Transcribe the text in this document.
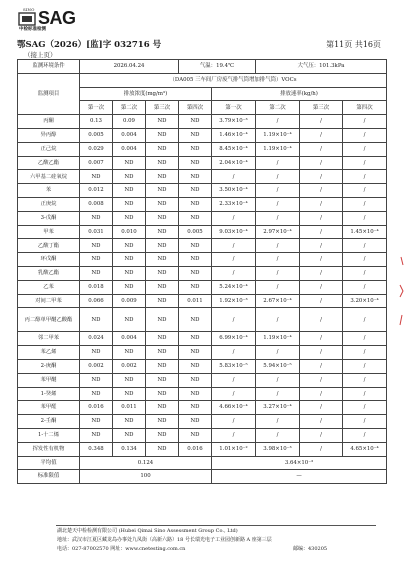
SINO
中检标准检测
SAG
鄂SAG（2026）[监]字 032716 号
（接上页）
第11页 共16页
监测环境条件	2026.04.24			气温：19.4℃		大气压：101.3kPa		
监测项目	（DA005 三车间厂房废气排气筒增加排气筒）VOCs							
	排放浓度(mg/m³)				排放速率(kg/h)			
	第一次	第二次	第三次	第四次	第一次	第二次	第三次	第四次
丙酮	0.13	0.09	ND	ND	3.79×10⁻³	/	/	/
异丙醇	0.005	0.004	ND	ND	1.46×10⁻⁴	1.19×10⁻⁴	/	/
正己烷	0.029	0.004	ND	ND	8.45×10⁻⁴	1.19×10⁻⁴	/	/
乙酸乙酯	0.007	ND	ND	ND	2.04×10⁻⁴	/	/	/
六甲基二硅氧烷	ND	ND	ND	ND	/	/	/	/
苯	0.012	ND	ND	ND	3.50×10⁻⁴	/	/	/
正庚烷	0.008	ND	ND	ND	2.33×10⁻⁴	/	/	/
3-戊酮	ND	ND	ND	ND	/	/	/	/
甲苯	0.031	0.010	ND	0.005	9.03×10⁻⁴	2.97×10⁻⁴	/	1.45×10⁻⁴
乙酸丁酯	ND	ND	ND	ND	/	/	/	/
环戊酮	ND	ND	ND	ND	/	/	/	/
乳酸乙酯	ND	ND	ND	ND	/	/	/	/
乙苯	0.018	ND	ND	ND	5.24×10⁻⁴	/	/	/
对间二甲苯	0.066	0.009	ND	0.011	1.92×10⁻³	2.67×10⁻⁴	/	3.20×10⁻⁴
丙二醇单甲醚乙酸酯	ND	ND	ND	ND	/	/	/	/
邻二甲苯	0.024	0.004	ND	ND	6.99×10⁻⁴	1.19×10⁻⁴	/	/
苯乙烯	ND	ND	ND	ND	/	/	/	/
2-庚酮	0.002	0.002	ND	ND	5.83×10⁻⁵	5.94×10⁻⁵	/	/
苯甲醚	ND	ND	ND	ND	/	/	/	/
1-癸烯	ND	ND	ND	ND	/	/	/	/
苯甲醛	0.016	0.011	ND	ND	4.66×10⁻⁴	3.27×10⁻⁴	/	/
2-壬酮	ND	ND	ND	ND	/	/	/	/
1-十二烯	ND	ND	ND	ND	/	/	/	/
挥发性有机物	0.348	0.134	ND	0.016	1.01×10⁻²	3.98×10⁻³	/	4.65×10⁻⁴
平均值	0.124				3.64×10⁻³			
标准限值	100				—			
湖北楚天中检检测有限公司 (Hubei Qimai Sino Assessment Group Co., Ltd)
地址：武汉市江夏区藏龙岛办事处九凤街（高新六路）18 号长瑞光电子工业园创新路 A 座第三层
电话：027-87002570 网址：www.cnetesting.com.cn	邮编：430205
